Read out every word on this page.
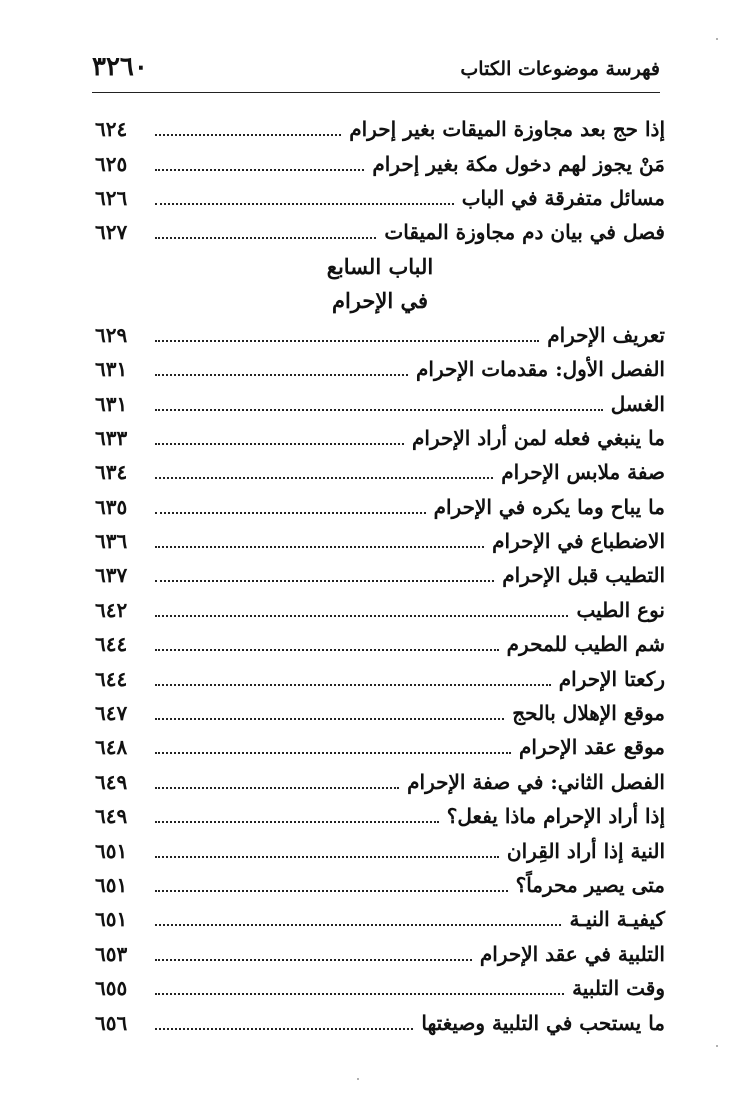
فهرسة موضوعات الكتاب
٣٢٦٠
إذا حج بعد مجاوزة الميقات بغير إحرام
٦٢٤
مَنْ يجوز لهم دخول مكة بغير إحرام
٦٢٥
مسائل متفرقة في الباب
٦٢٦
فصل في بيان دم مجاوزة الميقات
٦٢٧
الباب السابع
في الإحرام
تعريف الإحرام
٦٢٩
الفصل الأول: مقدمات الإحرام
٦٣١
الغسل
٦٣١
ما ينبغي فعله لمن أراد الإحرام
٦٣٣
صفة ملابس الإحرام
٦٣٤
ما يباح وما يكره في الإحرام
٦٣٥
الاضطباع في الإحرام
٦٣٦
التطيب قبل الإحرام
٦٣٧
نوع الطيب
٦٤٢
شم الطيب للمحرم
٦٤٤
ركعتا الإحرام
٦٤٤
موقع الإهلال بالحج
٦٤٧
موقع عقد الإحرام
٦٤٨
الفصل الثاني: في صفة الإحرام
٦٤٩
إذا أراد الإحرام ماذا يفعل؟
٦٤٩
النية إذا أراد القِران
٦٥١
متى يصير محرماً؟
٦٥١
كيفيـة النيـة
٦٥١
التلبية في عقد الإحرام
٦٥٣
وقت التلبية
٦٥٥
ما يستحب في التلبية وصيغتها
٦٥٦
